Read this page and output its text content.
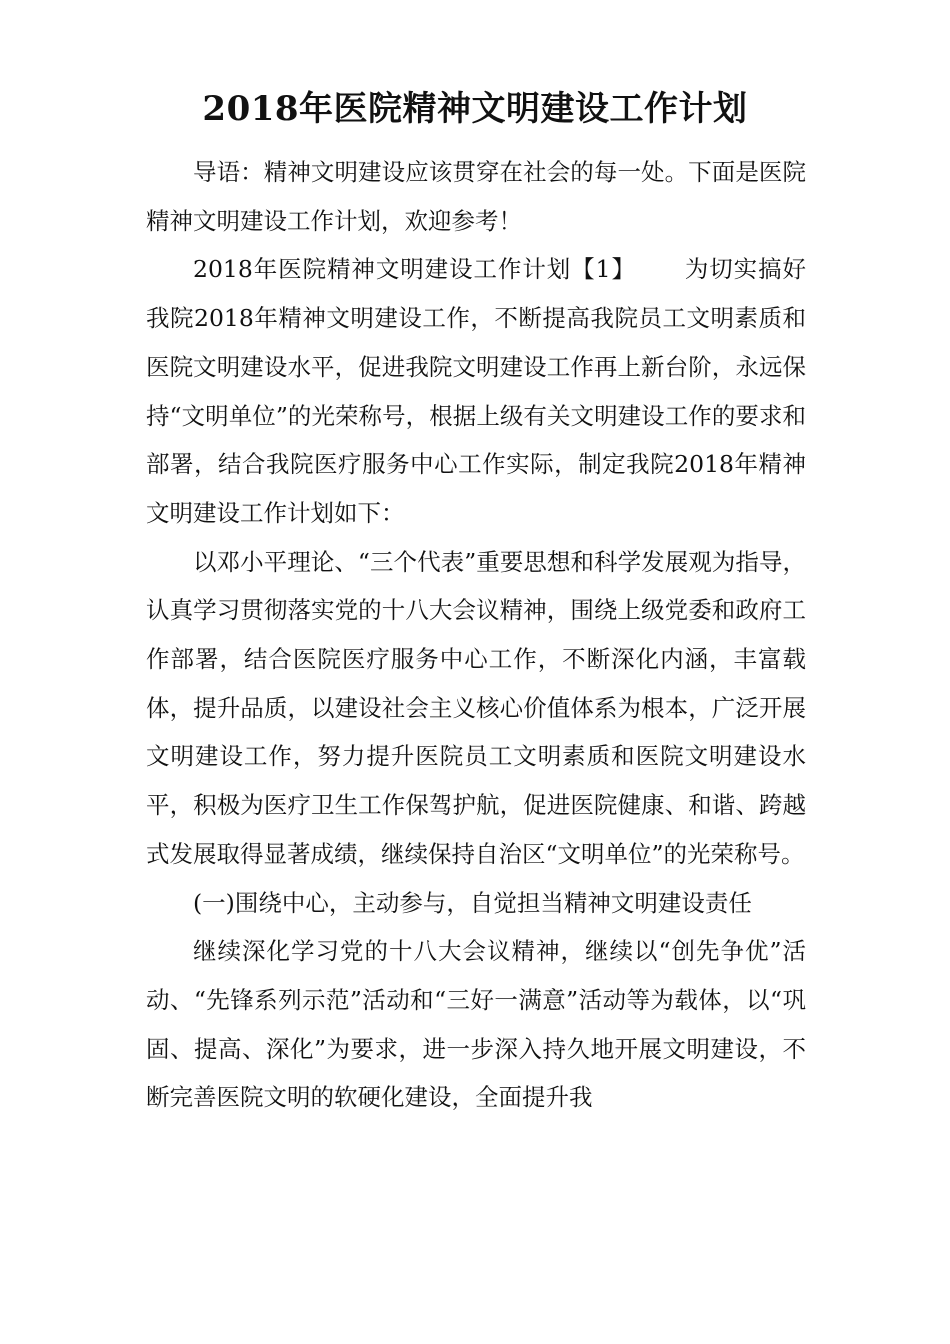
2018年医院精神文明建设工作计划

导语：精神文明建设应该贯穿在社会的每一处。下面是医院精神文明建设工作计划，欢迎参考！

2018年医院精神文明建设工作计划【1】 为切实搞好我院2018年精神文明建设工作，不断提高我院员工文明素质和医院文明建设水平，促进我院文明建设工作再上新台阶，永远保持“文明单位”的光荣称号，根据上级有关文明建设工作的要求和部署，结合我院医疗服务中心工作实际，制定我院2018年精神文明建设工作计划如下：

以邓小平理论、“三个代表”重要思想和科学发展观为指导，认真学习贯彻落实党的十八大会议精神，围绕上级党委和政府工作部署，结合医院医疗服务中心工作，不断深化内涵，丰富载体，提升品质，以建设社会主义核心价值体系为根本，广泛开展文明建设工作，努力提升医院员工文明素质和医院文明建设水平，积极为医疗卫生工作保驾护航，促进医院健康、和谐、跨越式发展取得显著成绩，继续保持自治区“文明单位”的光荣称号。

(一)围绕中心，主动参与，自觉担当精神文明建设责任

继续深化学习党的十八大会议精神，继续以“创先争优”活动、“先锋系列示范”活动和“三好一满意”活动等为载体，以“巩固、提高、深化”为要求，进一步深入持久地开展文明建设，不断完善医院文明的软硬化建设，全面提升我
